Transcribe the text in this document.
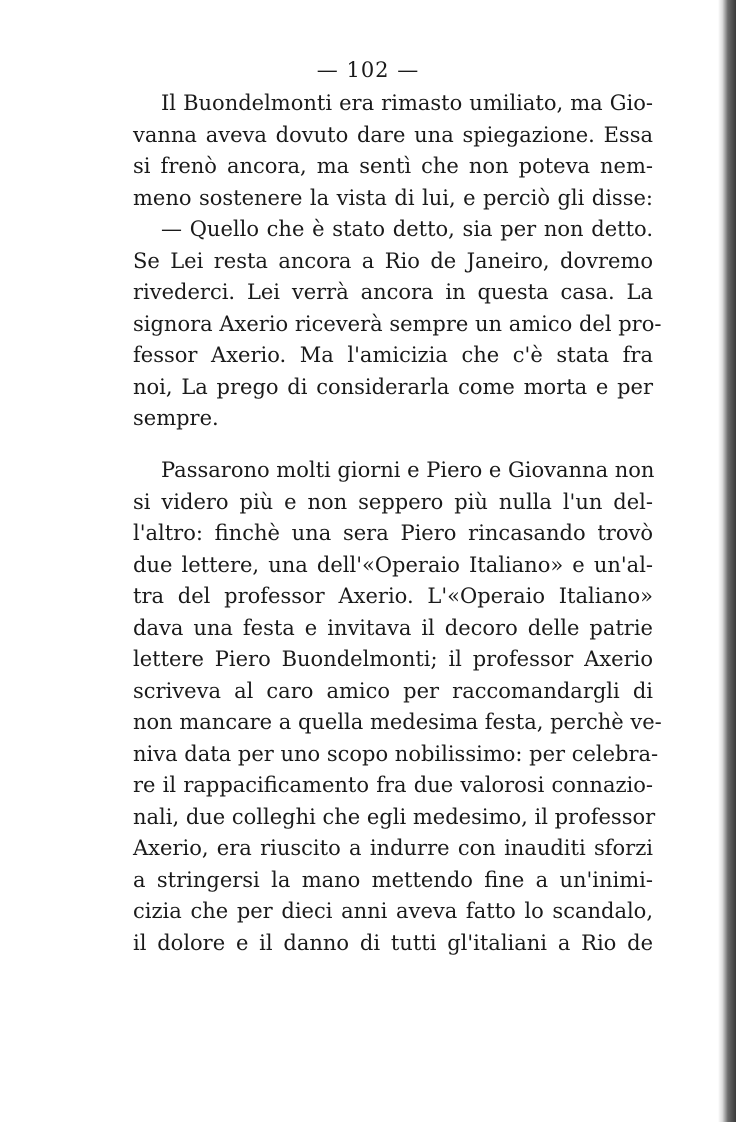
— 102 —
Il Buondelmonti era rimasto umiliato, ma Gio-
vanna aveva dovuto dare una spiegazione. Essa
si frenò ancora, ma sentì che non poteva nem-
meno sostenere la vista di lui, e perciò gli disse:
— Quello che è stato detto, sia per non detto.
Se Lei resta ancora a Rio de Janeiro, dovremo
rivederci. Lei verrà ancora in questa casa. La
signora Axerio riceverà sempre un amico del pro-
fessor Axerio. Ma l'amicizia che c'è stata fra
noi, La prego di considerarla come morta e per
sempre.
Passarono molti giorni e Piero e Giovanna non
si videro più e non seppero più nulla l'un del-
l'altro: finchè una sera Piero rincasando trovò
due lettere, una dell'«Operaio Italiano» e un'al-
tra del professor Axerio. L'«Operaio Italiano»
dava una festa e invitava il decoro delle patrie
lettere Piero Buondelmonti; il professor Axerio
scriveva al caro amico per raccomandargli di
non mancare a quella medesima festa, perchè ve-
niva data per uno scopo nobilissimo: per celebra-
re il rappacificamento fra due valorosi connazio-
nali, due colleghi che egli medesimo, il professor
Axerio, era riuscito a indurre con inauditi sforzi
a stringersi la mano mettendo fine a un'inimi-
cizia che per dieci anni aveva fatto lo scandalo,
il dolore e il danno di tutti gl'italiani a Rio de
